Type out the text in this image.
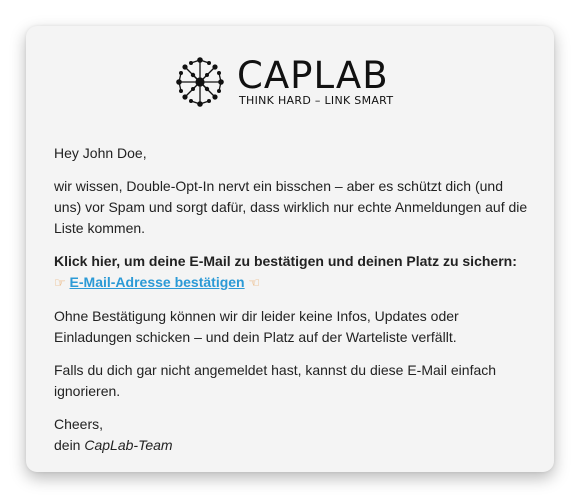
CAPLAB
THINK HARD – LINK SMART

Hey John Doe,

wir wissen, Double-Opt-In nervt ein bisschen – aber es schützt dich (und uns) vor Spam und sorgt dafür, dass wirklich nur echte Anmeldungen auf die Liste kommen.

Klick hier, um deine E-Mail zu bestätigen und deinen Platz zu sichern:
☞ E-Mail-Adresse bestätigen ☜

Ohne Bestätigung können wir dir leider keine Infos, Updates oder Einladungen schicken – und dein Platz auf der Warteliste verfällt.

Falls du dich gar nicht angemeldet hast, kannst du diese E-Mail einfach ignorieren.

Cheers,
dein CapLab-Team
